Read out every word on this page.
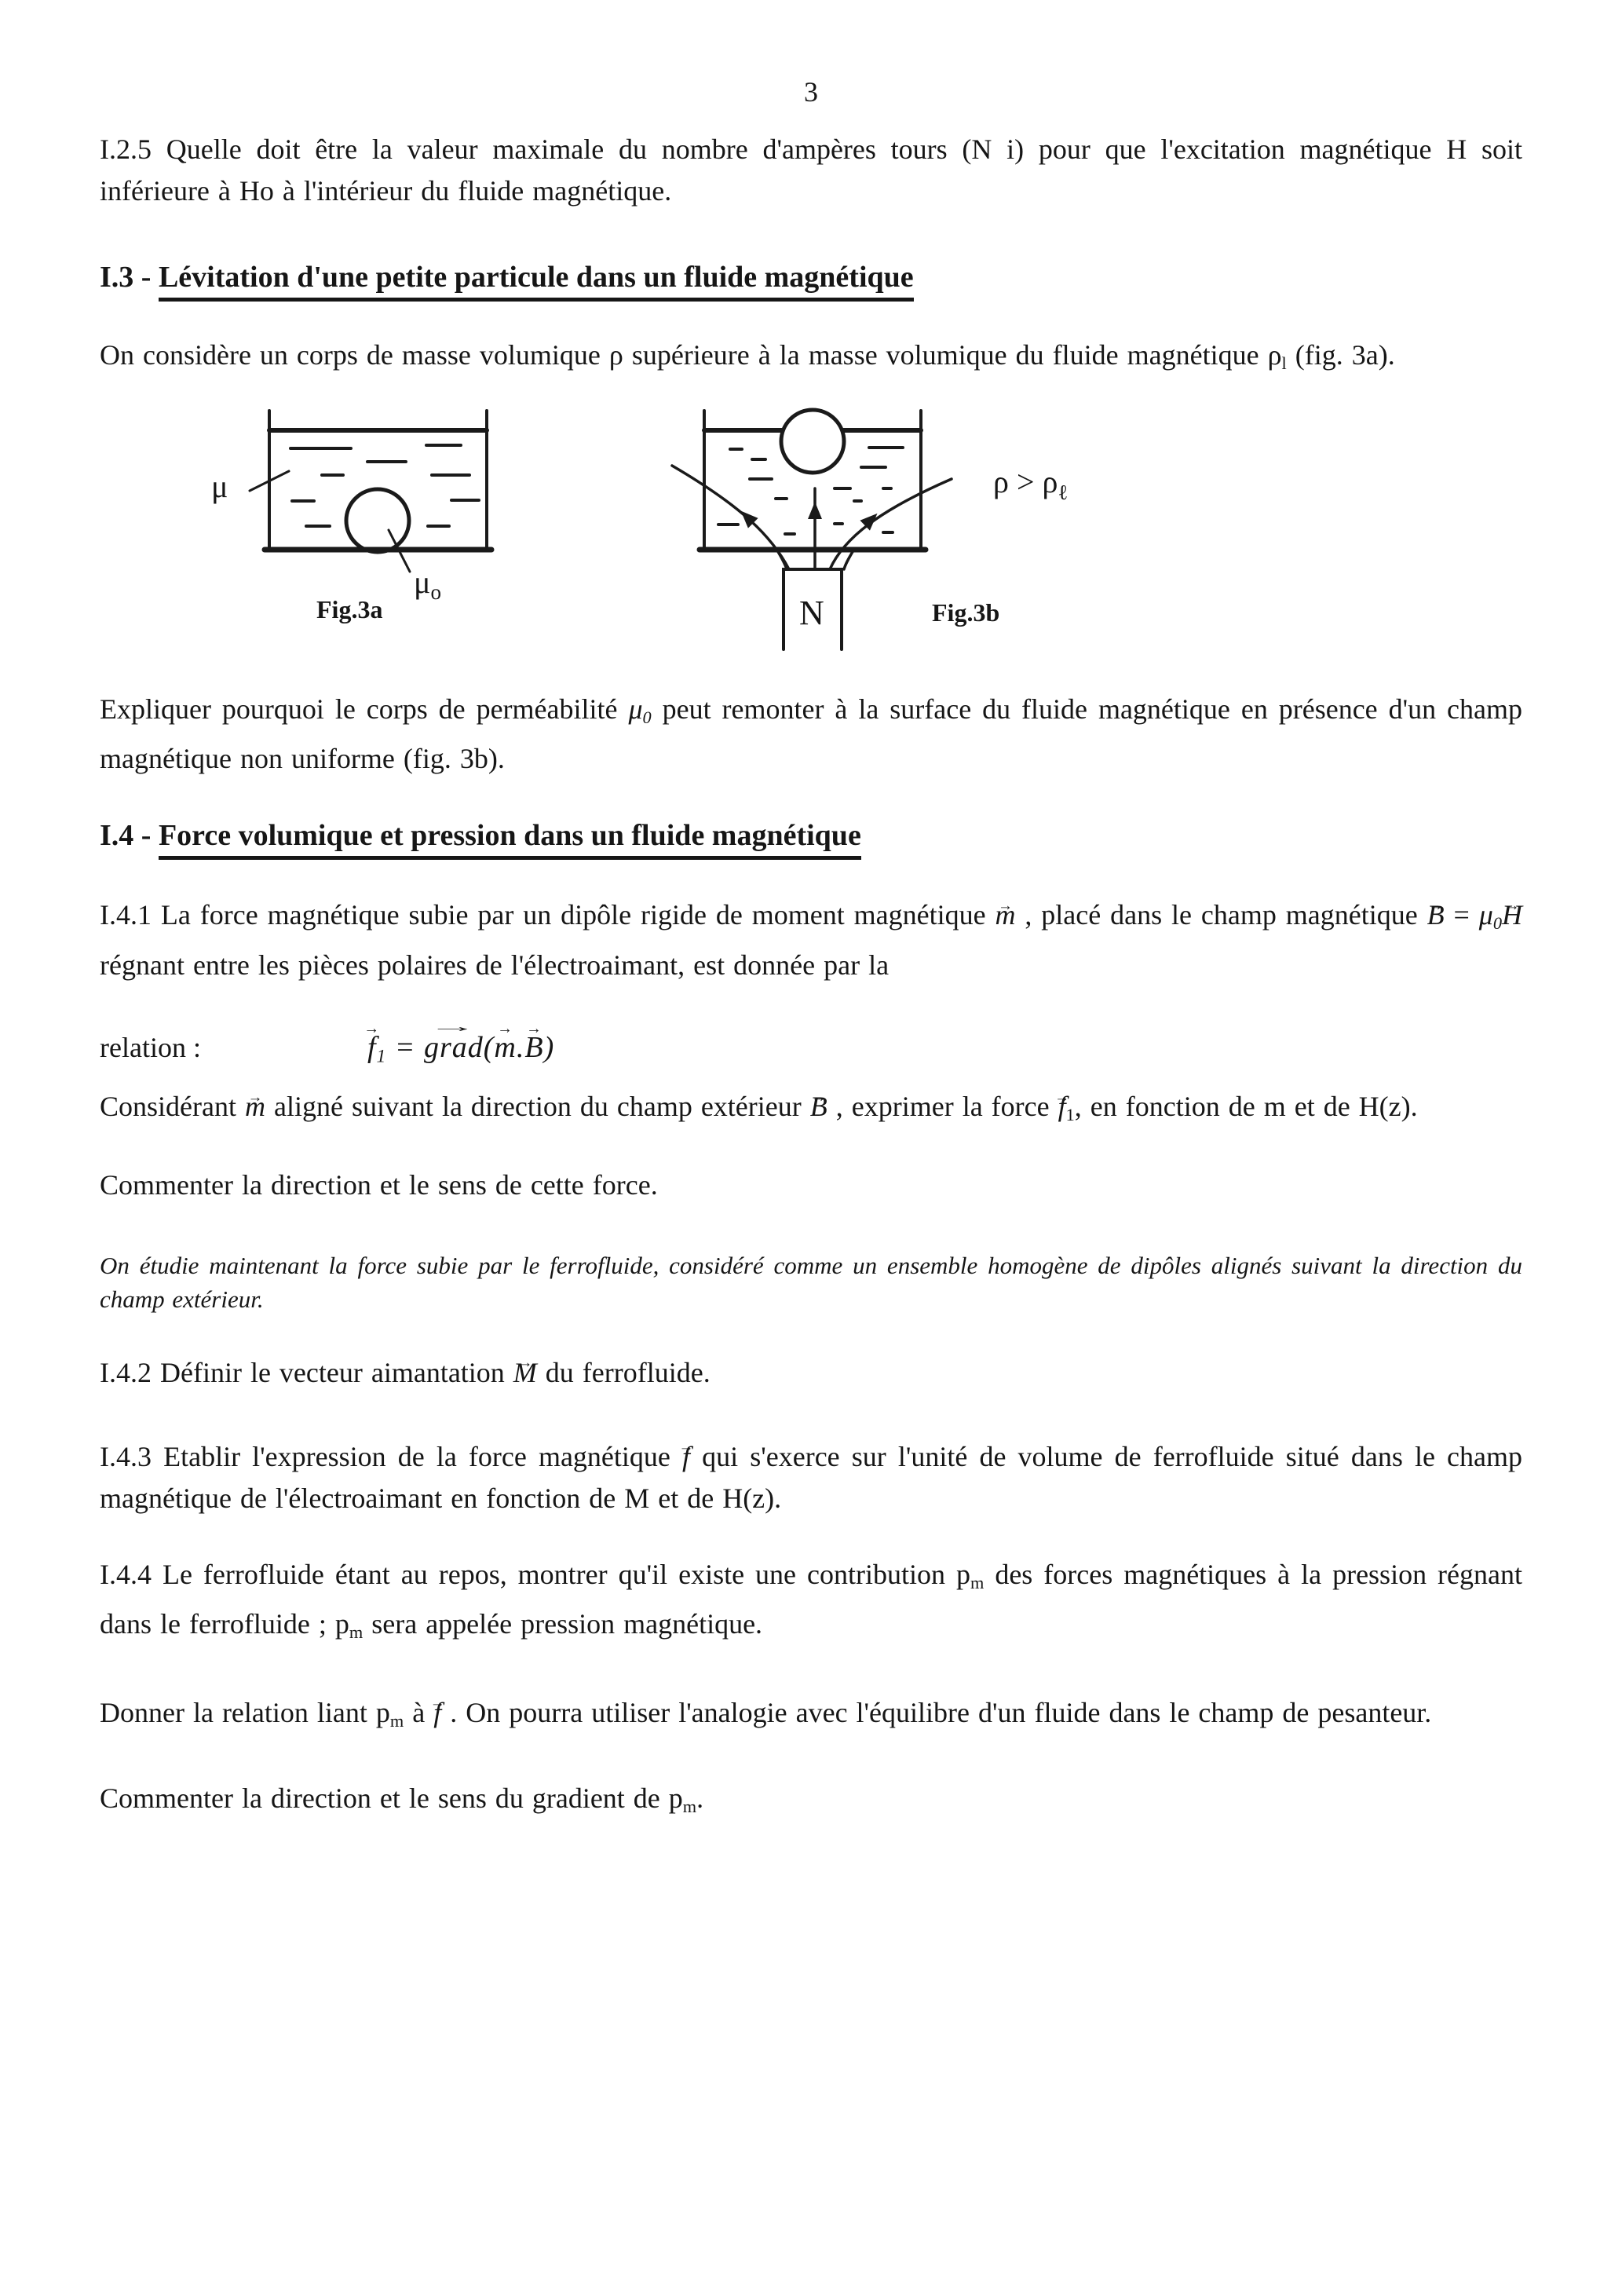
3

I.2.5 Quelle doit être la valeur maximale du nombre d'ampères tours (N i) pour que l'excitation magnétique H soit inférieure à Ho à l'intérieur du fluide magnétique.

I.3 - Lévitation d'une petite particule dans un fluide magnétique

On considère un corps de masse volumique ρ supérieure à la masse volumique du fluide magnétique ρl (fig. 3a).

μ
$\mu_o$
$\rho > \rho_\ell$
N
Fig.3a	Fig.3b

Expliquer pourquoi le corps de perméabilité μ0 peut remonter à la surface du fluide magnétique en présence d'un champ magnétique non uniforme (fig. 3b).

I.4 - Force volumique et pression dans un fluide magnétique

I.4.1 La force magnétique subie par un dipôle rigide de moment magnétique m → , placé dans le champ magnétique B → = μ0H → régnant entre les pièces polaires de l'électroaimant, est donnée par la

relation :	f →1 = grad →(m →.B →)

Considérant m → aligné suivant la direction du champ extérieur B → , exprimer la force f →1, en fonction de m et de H(z).

Commenter la direction et le sens de cette force.

On étudie maintenant la force subie par le ferrofluide, considéré comme un ensemble homogène de dipôles alignés suivant la direction du champ extérieur.

I.4.2 Définir le vecteur aimantation M → du ferrofluide.

I.4.3 Etablir l'expression de la force magnétique f → qui s'exerce sur l'unité de volume de ferrofluide situé dans le champ magnétique de l'électroaimant en fonction de M et de H(z).

I.4.4 Le ferrofluide étant au repos, montrer qu'il existe une contribution pm des forces magnétiques à la pression régnant dans le ferrofluide ; pm sera appelée pression magnétique.

Donner la relation liant pm à f → . On pourra utiliser l'analogie avec l'équilibre d'un fluide dans le champ de pesanteur.

Commenter la direction et le sens du gradient de pm.
